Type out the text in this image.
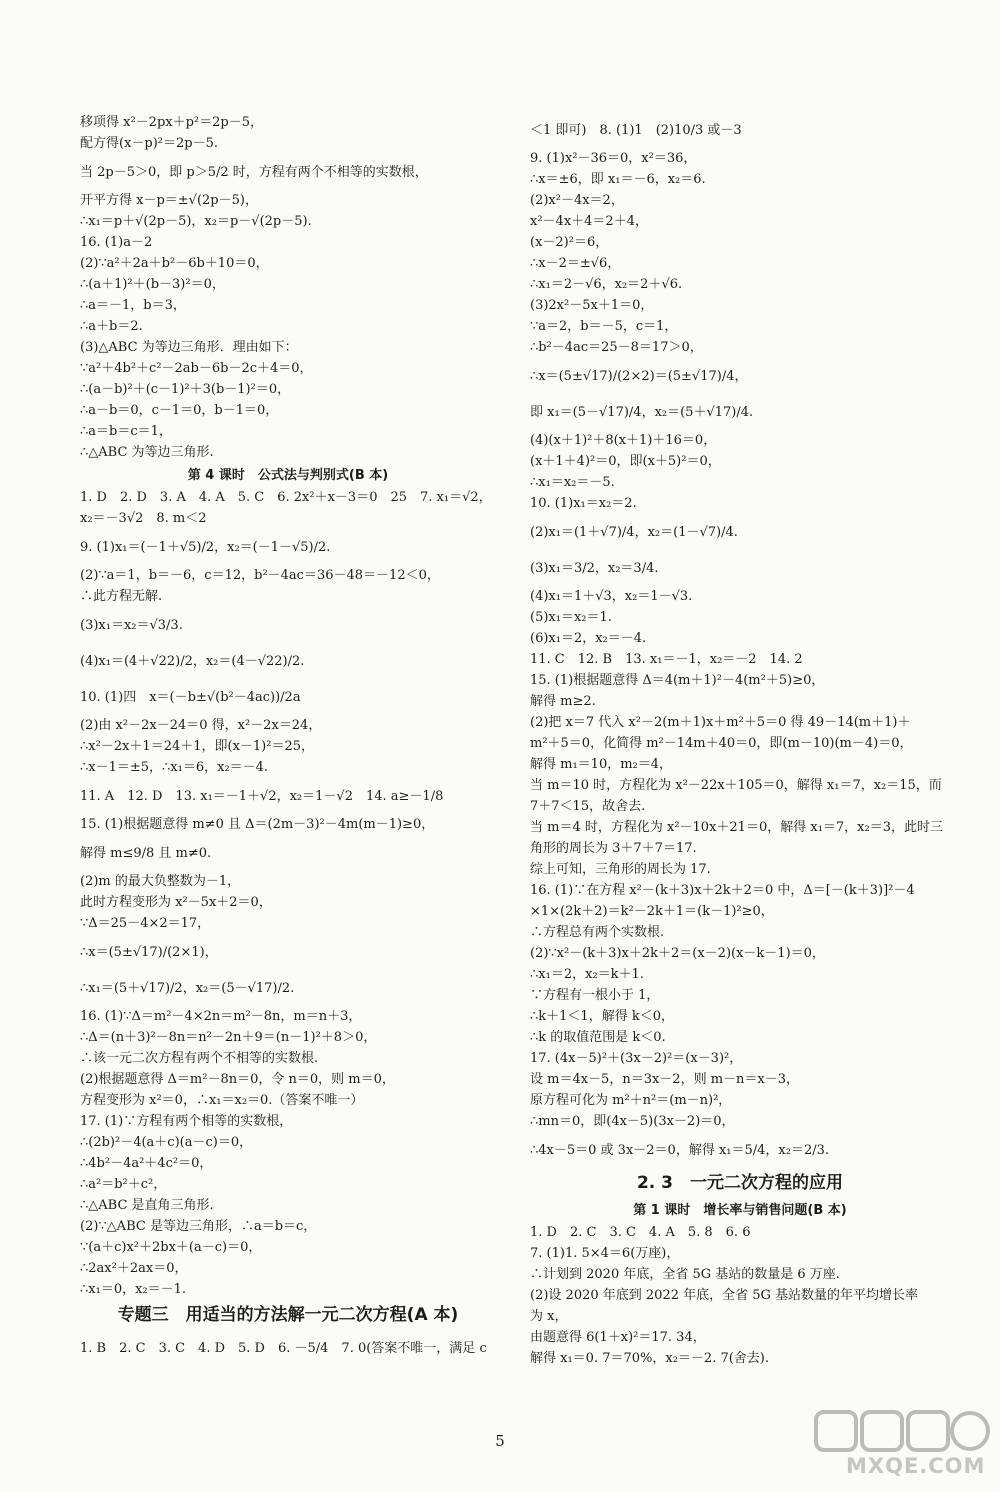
移项得 x²－2px＋p²＝2p－5，
配方得(x－p)²＝2p－5.
当 2p－5＞0，即 p＞5/2 时，方程有两个不相等的实数根，
开平方得 x－p＝±√(2p－5)，
∴x₁＝p＋√(2p－5)，x₂＝p－√(2p－5).
16. (1)a－2
(2)∵a²＋2a＋b²－6b＋10＝0，
∴(a＋1)²＋(b－3)²＝0，
∴a＝－1，b＝3，
∴a＋b＝2.
(3)△ABC 为等边三角形．理由如下：
∵a²＋4b²＋c²－2ab－6b－2c＋4＝0，
∴(a－b)²＋(c－1)²＋3(b－1)²＝0，
∴a－b＝0，c－1＝0，b－1＝0，
∴a＝b＝c＝1，
∴△ABC 为等边三角形.
第 4 课时　公式法与判别式(B 本)
1. D　2. D　3. A　4. A　5. C　6. 2x²＋x－3＝0　25　7. x₁＝√2，
x₂＝－3√2　8. m＜2
9. (1)x₁＝(－1＋√5)/2，x₂＝(－1－√5)/2.
(2)∵a＝1，b＝－6，c＝12，b²－4ac＝36－48＝－12＜0，
∴此方程无解.
(3)x₁＝x₂＝√3/3.
(4)x₁＝(4＋√22)/2，x₂＝(4－√22)/2.
10. (1)四　x＝(－b±√(b²－4ac))/2a
(2)由 x²－2x－24＝0 得，x²－2x＝24，
∴x²－2x＋1＝24＋1，即(x－1)²＝25，
∴x－1＝±5，∴x₁＝6，x₂＝－4.
11. A　12. D　13. x₁＝－1＋√2，x₂＝1－√2　14. a≥－1/8
15. (1)根据题意得 m≠0 且 Δ＝(2m－3)²－4m(m－1)≥0，
解得 m≤9/8 且 m≠0.
(2)m 的最大负整数为－1，
此时方程变形为 x²－5x＋2＝0，
∵Δ＝25－4×2＝17，
∴x＝(5±√17)/(2×1)，
∴x₁＝(5＋√17)/2，x₂＝(5－√17)/2.
16. (1)∵Δ＝m²－4×2n＝m²－8n，m＝n＋3，
∴Δ＝(n＋3)²－8n＝n²－2n＋9＝(n－1)²＋8＞0，
∴该一元二次方程有两个不相等的实数根.
(2)根据题意得 Δ＝m²－8n＝0，令 n＝0，则 m＝0，
方程变形为 x²＝0，∴x₁＝x₂＝0.（答案不唯一）
17. (1)∵方程有两个相等的实数根，
∴(2b)²－4(a＋c)(a－c)＝0，
∴4b²－4a²＋4c²＝0，
∴a²＝b²＋c²，
∴△ABC 是直角三角形.
(2)∵△ABC 是等边三角形，∴a＝b＝c，
∵(a＋c)x²＋2bx＋(a－c)＝0，
∴2ax²＋2ax＝0，
∴x₁＝0，x₂＝－1.
专题三　用适当的方法解一元二次方程(A 本)
1. B　2. C　3. C　4. D　5. D　6. －5/4　7. 0(答案不唯一，满足 c
＜1 即可)　8. (1)1　(2)10/3 或－3
9. (1)x²－36＝0，x²＝36，
∴x＝±6，即 x₁＝－6，x₂＝6.
(2)x²－4x＝2，
x²－4x＋4＝2＋4，
(x－2)²＝6，
∴x－2＝±√6，
∴x₁＝2－√6，x₂＝2＋√6.
(3)2x²－5x＋1＝0，
∵a＝2，b＝－5，c＝1，
∴b²－4ac＝25－8＝17＞0，
∴x＝(5±√17)/(2×2)＝(5±√17)/4，
即 x₁＝(5－√17)/4，x₂＝(5＋√17)/4.
(4)(x＋1)²＋8(x＋1)＋16＝0，
(x＋1＋4)²＝0，即(x＋5)²＝0，
∴x₁＝x₂＝－5.
10. (1)x₁＝x₂＝2.
(2)x₁＝(1＋√7)/4，x₂＝(1－√7)/4.
(3)x₁＝3/2，x₂＝3/4.
(4)x₁＝1＋√3，x₂＝1－√3.
(5)x₁＝x₂＝1.
(6)x₁＝2，x₂＝－4.
11. C　12. B　13. x₁＝－1，x₂＝－2　14. 2
15. (1)根据题意得 Δ＝4(m＋1)²－4(m²＋5)≥0，
解得 m≥2.
(2)把 x＝7 代入 x²－2(m＋1)x＋m²＋5＝0 得 49－14(m＋1)＋
m²＋5＝0，化简得 m²－14m＋40＝0，即(m－10)(m－4)＝0，
解得 m₁＝10，m₂＝4，
当 m＝10 时，方程化为 x²－22x＋105＝0，解得 x₁＝7，x₂＝15，而
7＋7＜15，故舍去.
当 m＝4 时，方程化为 x²－10x＋21＝0，解得 x₁＝7，x₂＝3，此时三
角形的周长为 3＋7＋7＝17.
综上可知，三角形的周长为 17.
16. (1)∵在方程 x²－(k＋3)x＋2k＋2＝0 中，Δ＝[－(k＋3)]²－4
×1×(2k＋2)＝k²－2k＋1＝(k－1)²≥0，
∴方程总有两个实数根.
(2)∵x²－(k＋3)x＋2k＋2＝(x－2)(x－k－1)＝0，
∴x₁＝2，x₂＝k＋1.
∵方程有一根小于 1，
∴k＋1＜1，解得 k＜0，
∴k 的取值范围是 k＜0.
17. (4x－5)²＋(3x－2)²＝(x－3)²，
设 m＝4x－5，n＝3x－2，则 m－n＝x－3，
原方程可化为 m²＋n²＝(m－n)²，
∴mn＝0，即(4x－5)(3x－2)＝0，
∴4x－5＝0 或 3x－2＝0，解得 x₁＝5/4，x₂＝2/3.
2. 3　一元二次方程的应用
第 1 课时　增长率与销售问题(B 本)
1. D　2. C　3. C　4. A　5. 8　6. 6
7. (1)1. 5×4＝6(万座)，
∴计划到 2020 年底，全省 5G 基站的数量是 6 万座.
(2)设 2020 年底到 2022 年底，全省 5G 基站数量的年平均增长率
为 x，
由题意得 6(1＋x)²＝17. 34，
解得 x₁＝0. 7＝70%，x₂＝－2. 7(舍去).
5
MXQE.COM
